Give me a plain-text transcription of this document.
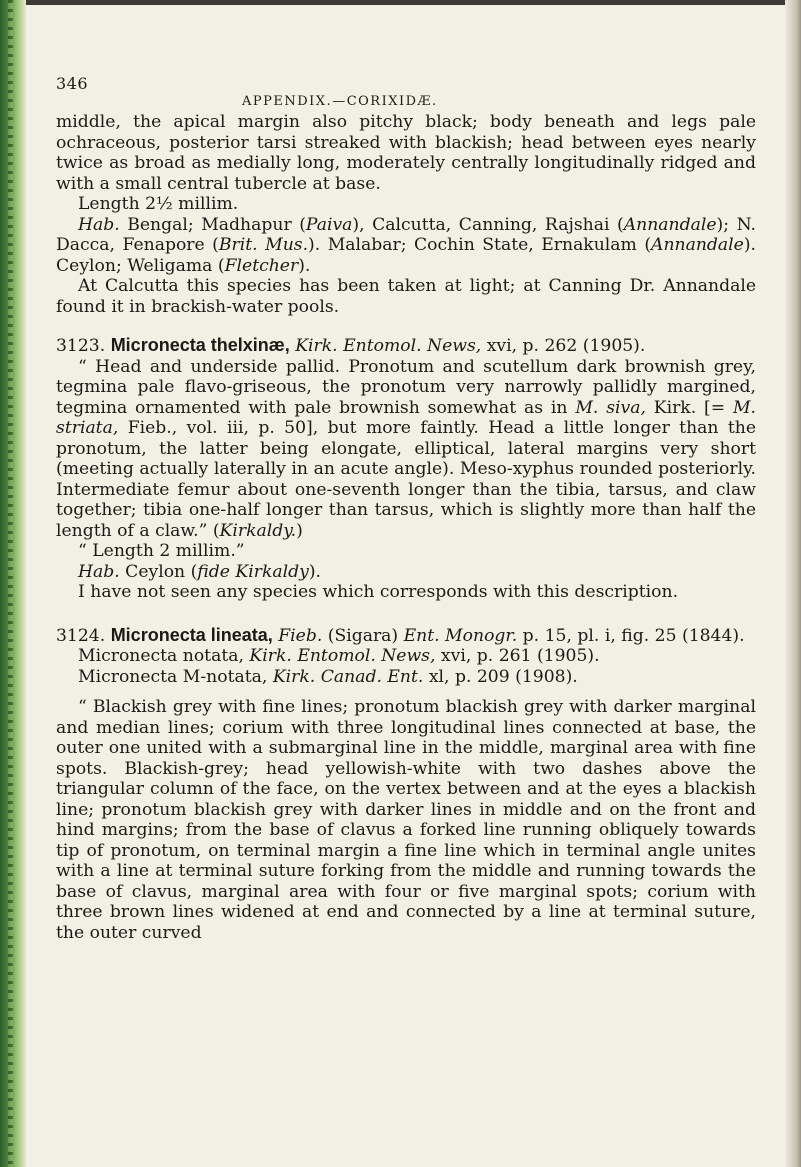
346
APPENDIX.—CORIXIDÆ.

middle, the apical margin also pitchy black; body beneath and legs pale ochraceous, posterior tarsi streaked with blackish; head between eyes nearly twice as broad as medially long, moderately centrally longitudinally ridged and with a small central tubercle at base.

Length 2½ millim.

Hab. Bengal; Madhapur (Paiva), Calcutta, Canning, Rajshai (Annandale); N. Dacca, Fenapore (Brit. Mus.). Malabar; Cochin State, Ernakulam (Annandale). Ceylon; Weligama (Fletcher).

At Calcutta this species has been taken at light; at Canning Dr. Annandale found it in brackish-water pools.

3123. Micronecta thelxinæ, Kirk. Entomol. News, xvi, p. 262 (1905).

“ Head and underside pallid. Pronotum and scutellum dark brownish grey, tegmina pale flavo-griseous, the pronotum very narrowly pallidly margined, tegmina ornamented with pale brownish somewhat as in M. siva, Kirk. [= M. striata, Fieb., vol. iii, p. 50], but more faintly. Head a little longer than the pronotum, the latter being elongate, elliptical, lateral margins very short (meeting actually laterally in an acute angle). Meso-xyphus rounded posteriorly. Intermediate femur about one-seventh longer than the tibia, tarsus, and claw together; tibia one-half longer than tarsus, which is slightly more than half the length of a claw.” (Kirkaldy.)

“ Length 2 millim.”

Hab. Ceylon (fide Kirkaldy).

I have not seen any species which corresponds with this description.

3124. Micronecta lineata, Fieb. (Sigara) Ent. Monogr. p. 15, pl. i, fig. 25 (1844).

Micronecta notata, Kirk. Entomol. News, xvi, p. 261 (1905).

Micronecta M-notata, Kirk. Canad. Ent. xl, p. 209 (1908).

“ Blackish grey with fine lines; pronotum blackish grey with darker marginal and median lines; corium with three longitudinal lines connected at base, the outer one united with a submarginal line in the middle, marginal area with fine spots. Blackish-grey; head yellowish-white with two dashes above the triangular column of the face, on the vertex between and at the eyes a blackish line; pronotum blackish grey with darker lines in middle and on the front and hind margins; from the base of clavus a forked line running obliquely towards tip of pronotum, on terminal margin a fine line which in terminal angle unites with a line at terminal suture forking from the middle and running towards the base of clavus, marginal area with four or five marginal spots; corium with three brown lines widened at end and connected by a line at terminal suture, the outer curved
